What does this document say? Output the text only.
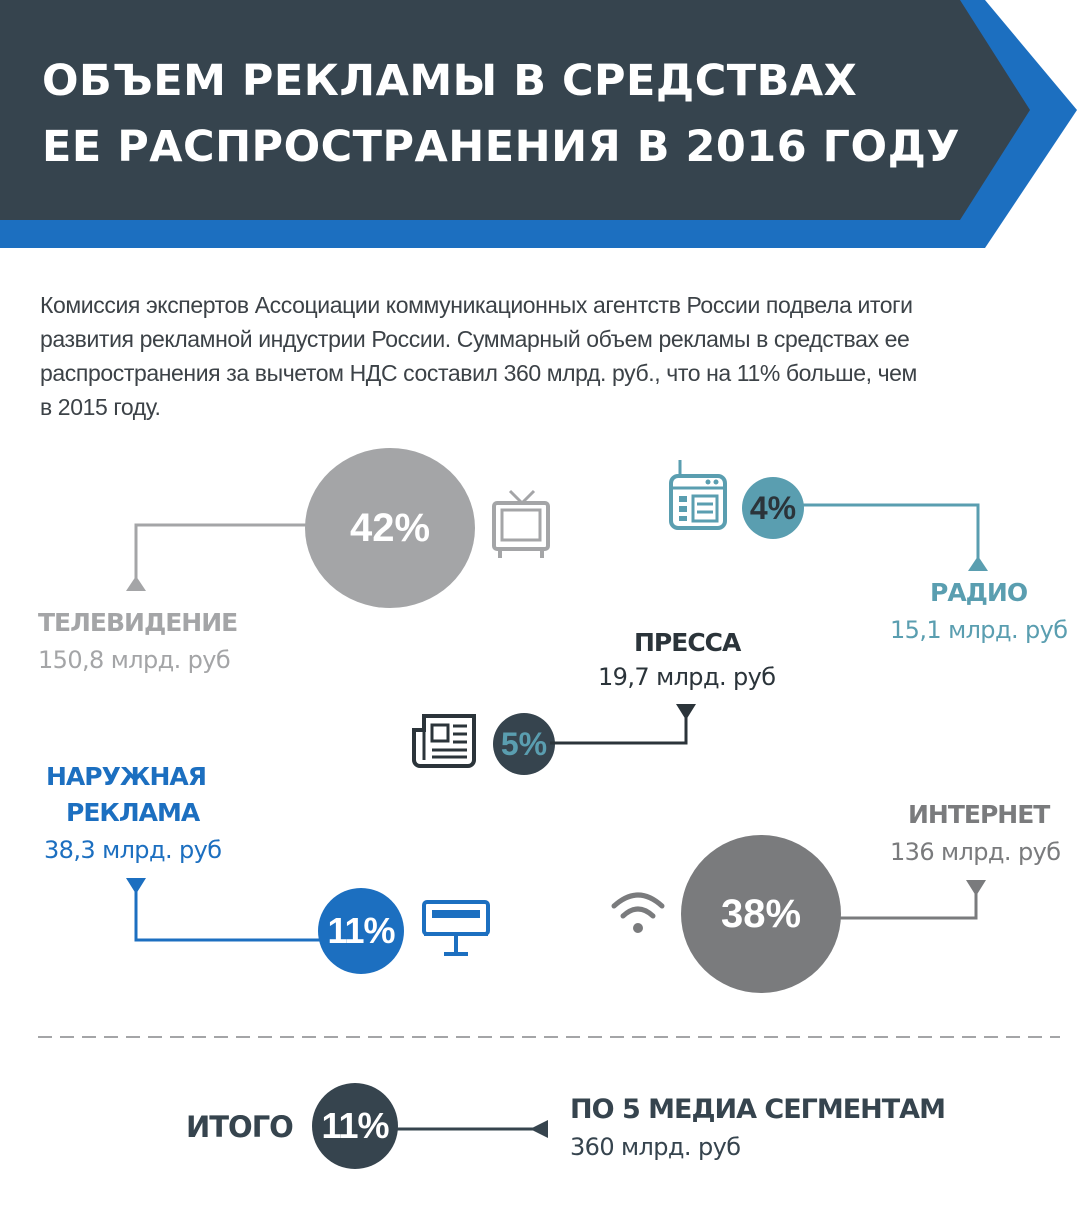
ОБЪЕМ РЕКЛАМЫ В СРЕДСТВАХ
ЕЕ РАСПРОСТРАНЕНИЯ В 2016 ГОДУ
Комиссия экспертов Ассоциации коммуникационных агентств России подвела итоги развития рекламной индустрии России. Суммарный объем рекламы в средствах ее распространения за вычетом НДС составил 360 млрд. руб., что на 11% больше, чем в 2015 году.
42%
ТЕЛЕВИДЕНИЕ
150,8 млрд. руб
4%
РАДИО
15,1 млрд. руб
ПРЕССА
19,7 млрд. руб
5%
НАРУЖНАЯ
РЕКЛАМА
38,3 млрд. руб
11%
ИНТЕРНЕТ
136 млрд. руб
38%
ИТОГО 11%	ПО 5 МЕДИА СЕГМЕНТАМ
360 млрд. руб
